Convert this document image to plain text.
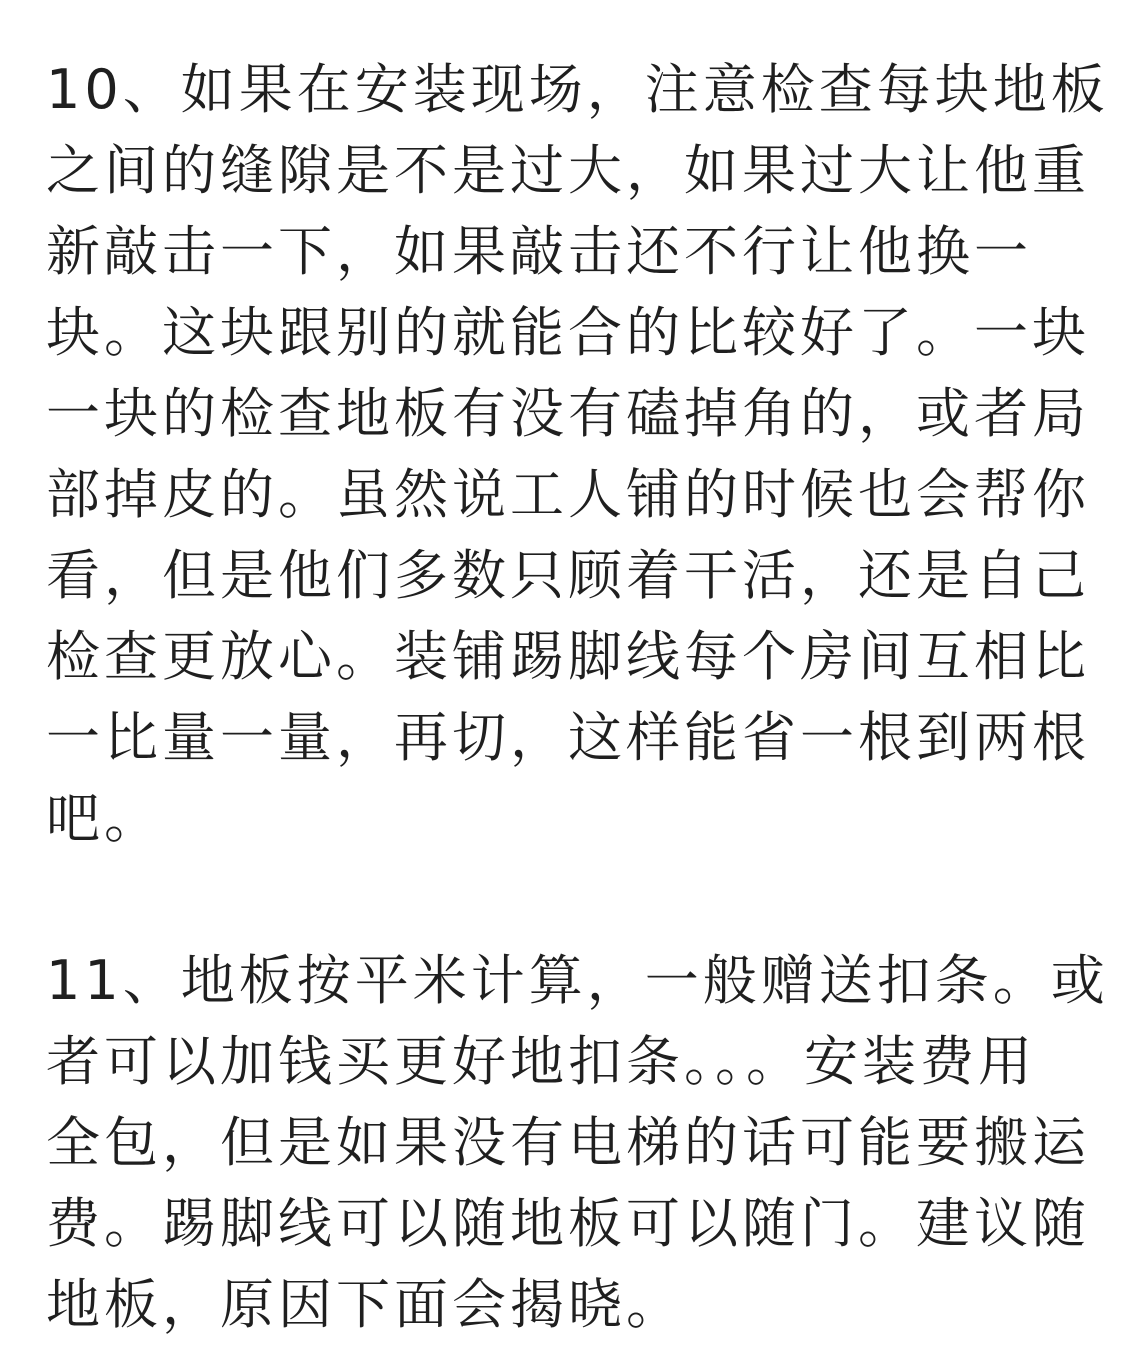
10、如果在安装现场，注意检查每块地板
之间的缝隙是不是过大，如果过大让他重
新敲击一下，如果敲击还不行让他换一
块。这块跟别的就能合的比较好了。一块
一块的检查地板有没有磕掉角的，或者局
部掉皮的。虽然说工人铺的时候也会帮你
看，但是他们多数只顾着干活，还是自己
检查更放心。装铺踢脚线每个房间互相比
一比量一量，再切，这样能省一根到两根
吧。

11、地板按平米计算，一般赠送扣条。或
者可以加钱买更好地扣条。。。安装费用
全包，但是如果没有电梯的话可能要搬运
费。踢脚线可以随地板可以随门。建议随
地板，原因下面会揭晓。
